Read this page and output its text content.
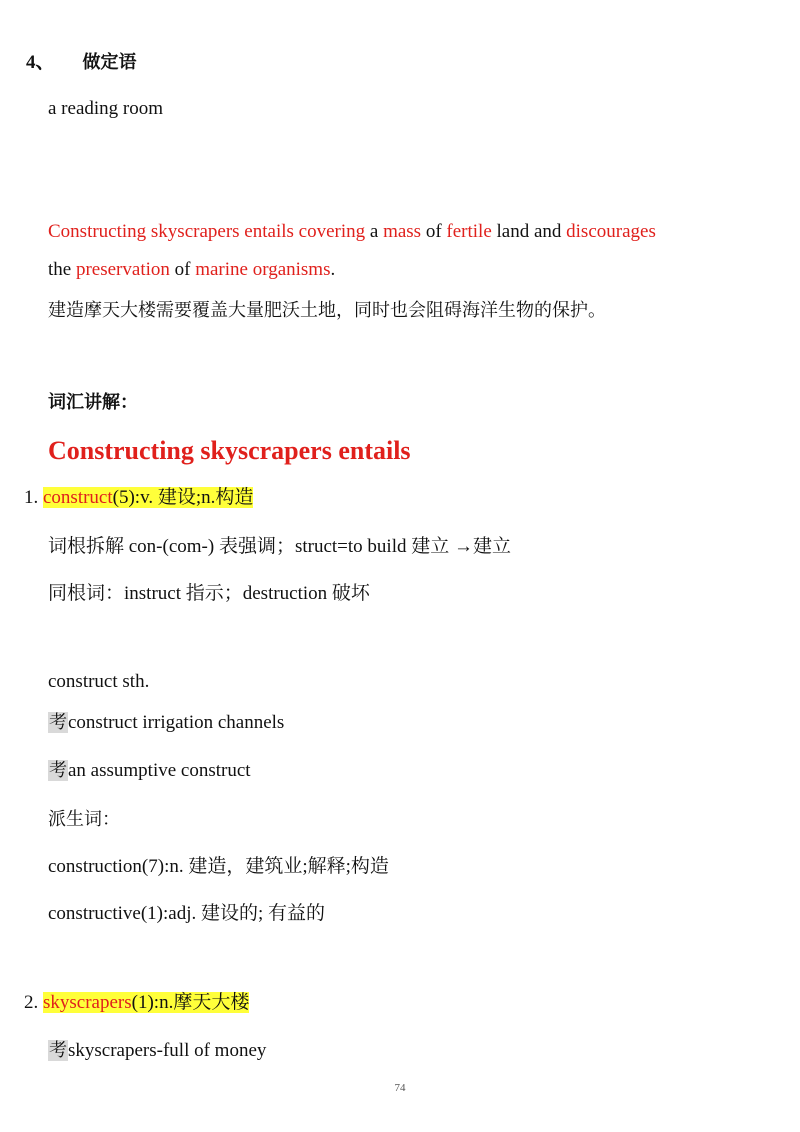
4、 做定语
a reading room
Constructing skyscrapers entails covering a mass of fertile land and discourages
the preservation of marine organisms.
建造摩天大楼需要覆盖大量肥沃土地，同时也会阻碍海洋生物的保护。
词汇讲解：
Constructing skyscrapers entails
1. construct(5):v. 建设;n.构造
词根拆解 con-(com-) 表强调；struct=to build 建立 →建立
同根词：instruct 指示；destruction 破坏
construct sth.
考construct irrigation channels
考an assumptive construct
派生词：
construction(7):n. 建造，建筑业;解释;构造
constructive(1):adj. 建设的; 有益的
2. skyscrapers(1):n.摩天大楼
考skyscrapers-full of money
74
